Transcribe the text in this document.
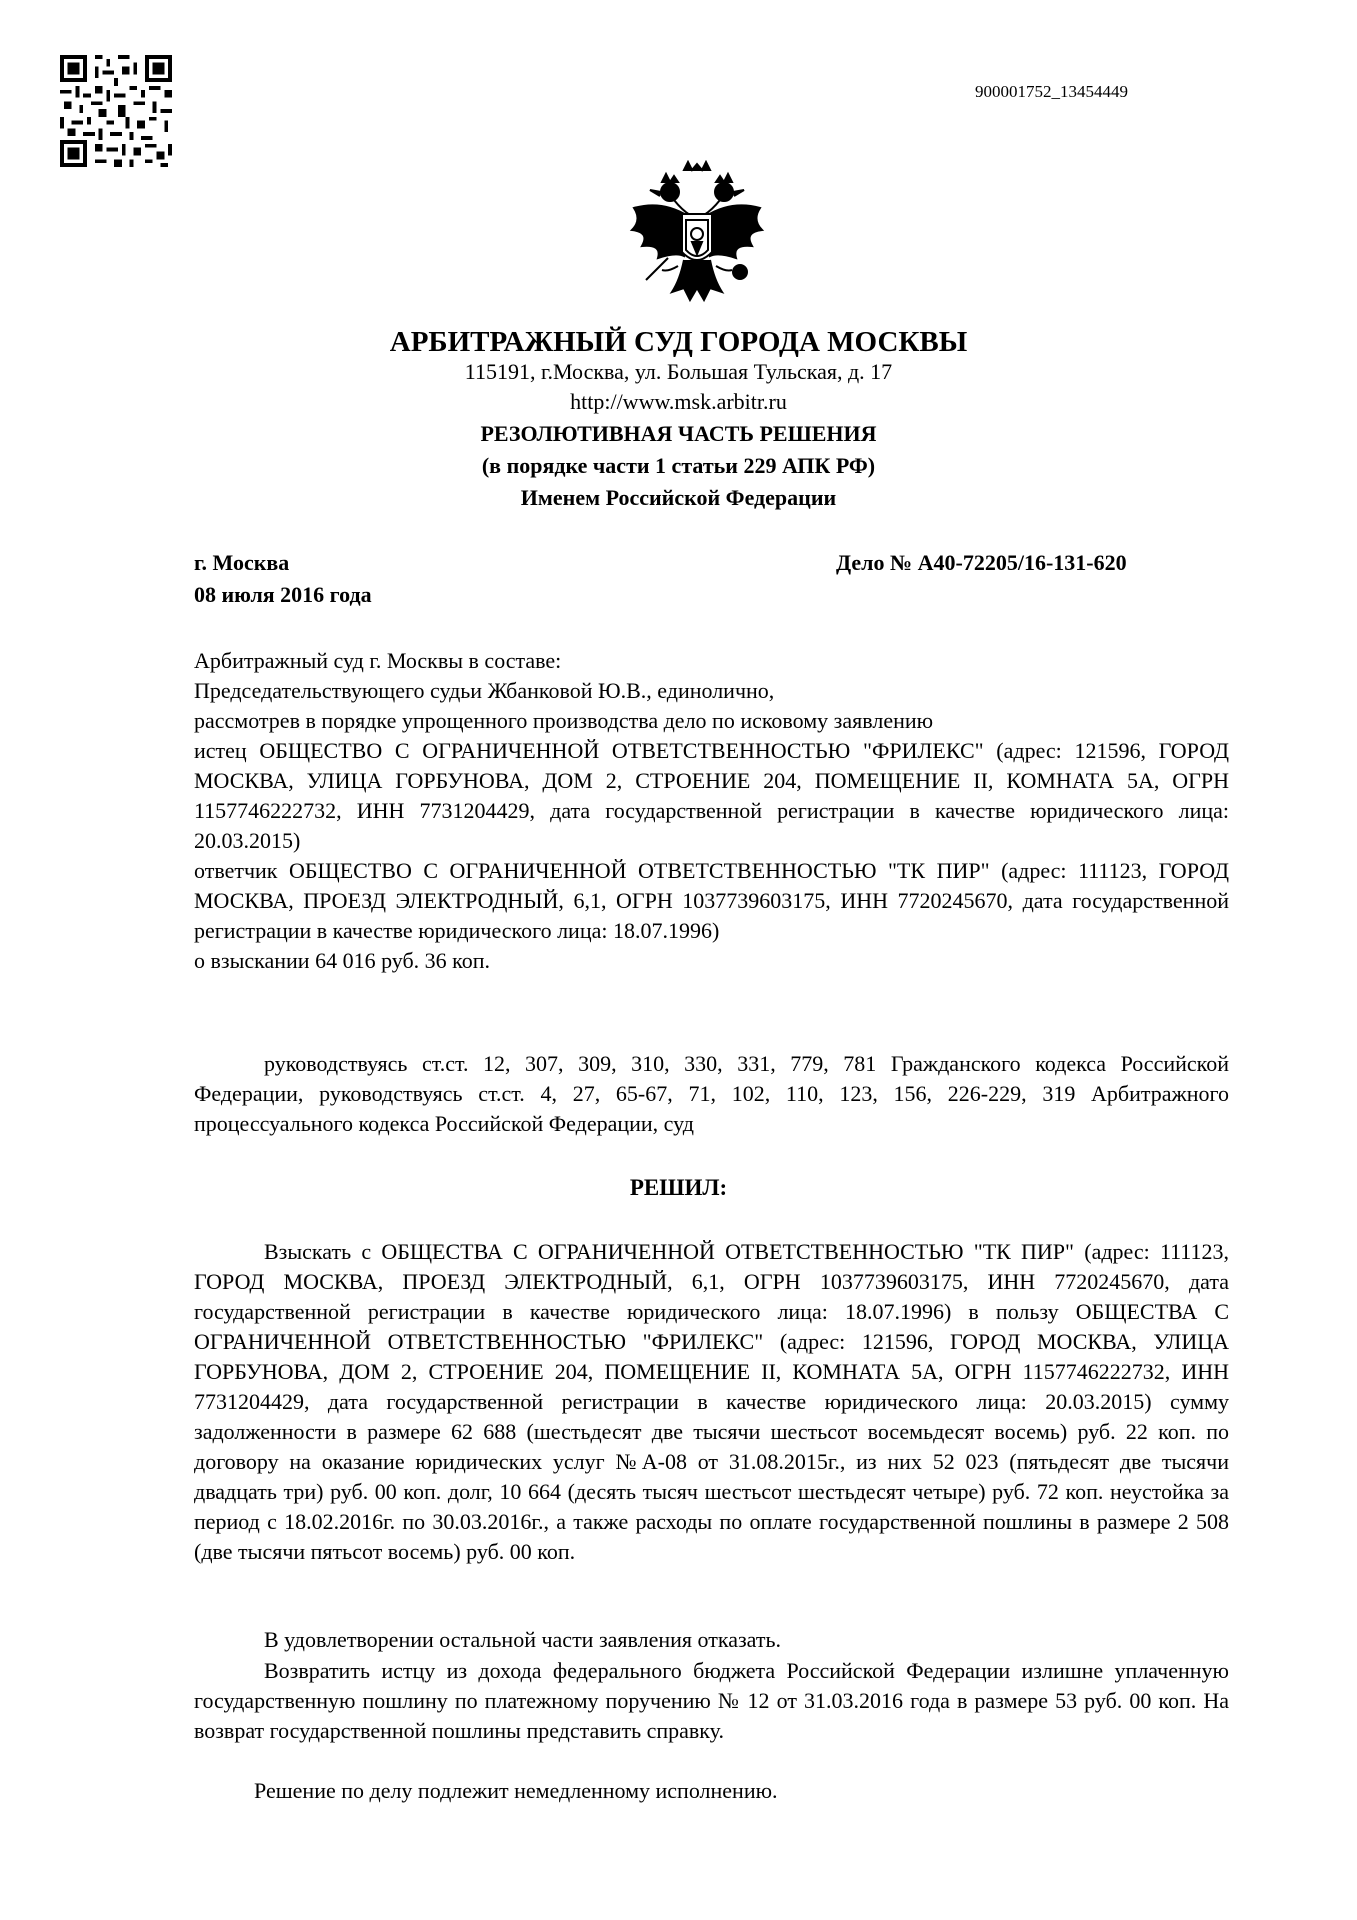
900001752_13454449
АРБИТРАЖНЫЙ СУД ГОРОДА МОСКВЫ
115191, г.Москва, ул. Большая Тульская, д. 17
http://www.msk.arbitr.ru
РЕЗОЛЮТИВНАЯ ЧАСТЬ РЕШЕНИЯ
(в порядке части 1 статьи 229 АПК РФ)
Именем Российской Федерации
г. Москва
08 июля 2016 года
Дело № А40-72205/16-131-620
Арбитражный суд г. Москвы в составе:
Председательствующего судьи Жбанковой Ю.В., единолично,
рассмотрев в порядке упрощенного производства дело по исковому заявлению
истец ОБЩЕСТВО С ОГРАНИЧЕННОЙ ОТВЕТСТВЕННОСТЬЮ "ФРИЛЕКС" (адрес: 121596, ГОРОД МОСКВА, УЛИЦА ГОРБУНОВА, ДОМ 2, СТРОЕНИЕ 204, ПОМЕЩЕНИЕ II, КОМНАТА 5А, ОГРН 1157746222732, ИНН 7731204429, дата государственной регистрации в качестве юридического лица: 20.03.2015)
ответчик ОБЩЕСТВО С ОГРАНИЧЕННОЙ ОТВЕТСТВЕННОСТЬЮ "ТК ПИР" (адрес: 111123, ГОРОД МОСКВА, ПРОЕЗД ЭЛЕКТРОДНЫЙ, 6,1, ОГРН 1037739603175, ИНН 7720245670, дата государственной регистрации в качестве юридического лица: 18.07.1996)
о взыскании 64 016 руб. 36 коп.

руководствуясь ст.ст. 12, 307, 309, 310, 330, 331, 779, 781 Гражданского кодекса Российской Федерации, руководствуясь ст.ст. 4, 27, 65-67, 71, 102, 110, 123, 156, 226-229, 319 Арбитражного процессуального кодекса Российской Федерации, суд

РЕШИЛ:

Взыскать с ОБЩЕСТВА С ОГРАНИЧЕННОЙ ОТВЕТСТВЕННОСТЬЮ "ТК ПИР" (адрес: 111123, ГОРОД МОСКВА, ПРОЕЗД ЭЛЕКТРОДНЫЙ, 6,1, ОГРН 1037739603175, ИНН 7720245670, дата государственной регистрации в качестве юридического лица: 18.07.1996) в пользу ОБЩЕСТВА С ОГРАНИЧЕННОЙ ОТВЕТСТВЕННОСТЬЮ "ФРИЛЕКС" (адрес: 121596, ГОРОД МОСКВА, УЛИЦА ГОРБУНОВА, ДОМ 2, СТРОЕНИЕ 204, ПОМЕЩЕНИЕ II, КОМНАТА 5А, ОГРН 1157746222732, ИНН 7731204429, дата государственной регистрации в качестве юридического лица: 20.03.2015) сумму задолженности в размере 62 688 (шестьдесят две тысячи шестьсот восемьдесят восемь) руб. 22 коп. по договору на оказание юридических услуг №А-08 от 31.08.2015г., из них 52 023 (пятьдесят две тысячи двадцать три) руб. 00 коп. долг, 10 664 (десять тысяч шестьсот шестьдесят четыре) руб. 72 коп. неустойка за период с 18.02.2016г. по 30.03.2016г., а также расходы по оплате государственной пошлины в размере 2 508 (две тысячи пятьсот восемь) руб. 00 коп.

В удовлетворении остальной части заявления отказать.

Возвратить истцу из дохода федерального бюджета Российской Федерации излишне уплаченную государственную пошлину по платежному поручению № 12 от 31.03.2016 года в размере 53 руб. 00 коп. На возврат государственной пошлины представить справку.

Решение по делу подлежит немедленному исполнению.
